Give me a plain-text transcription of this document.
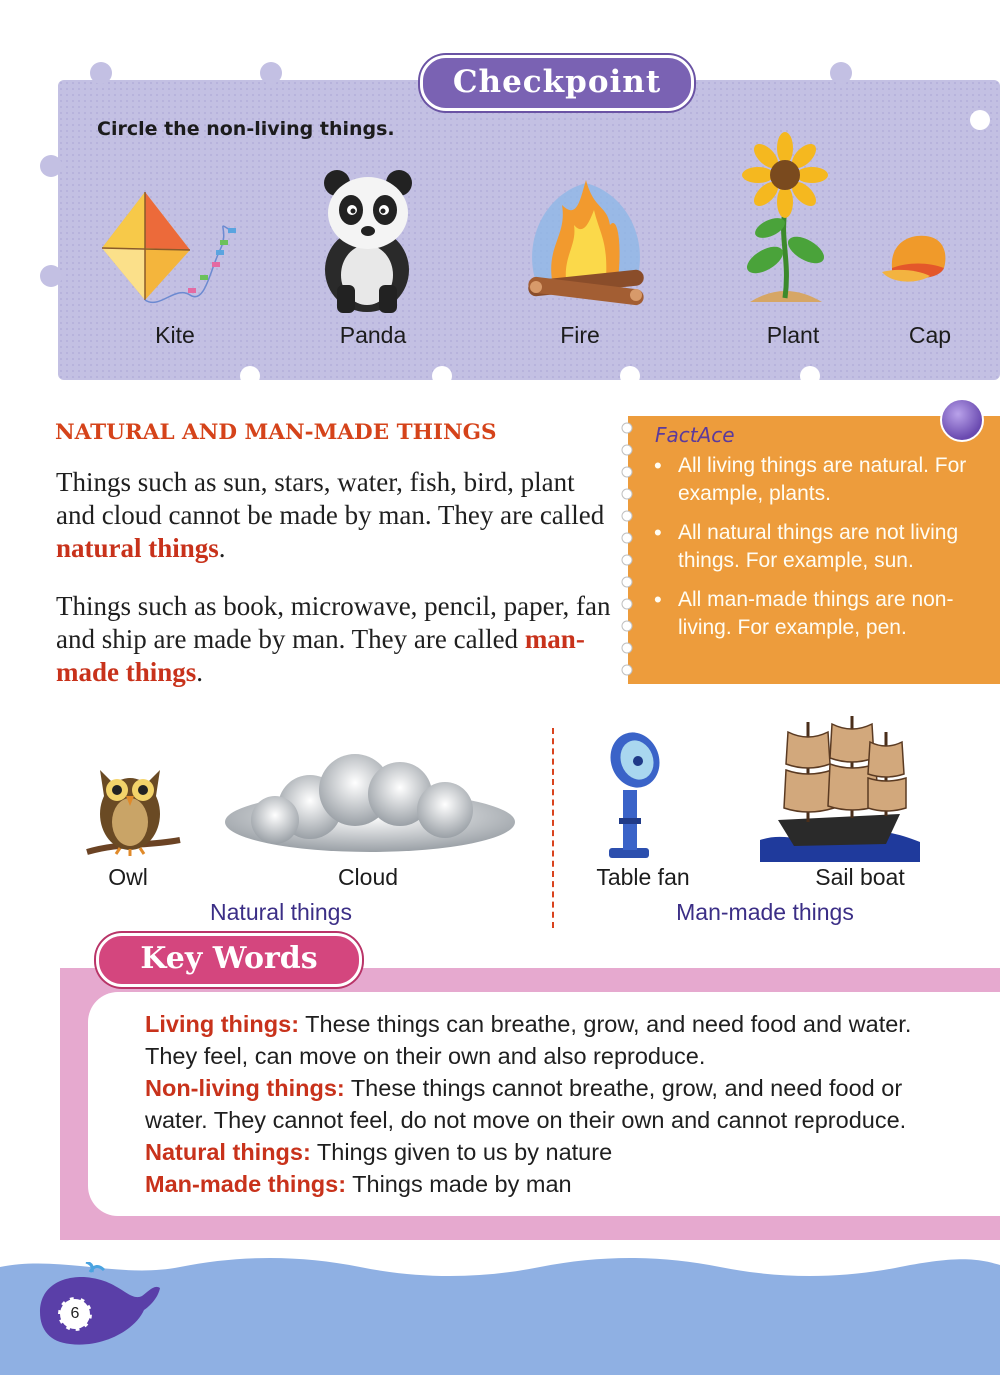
Checkpoint
Circle the non-living things.
Kite	Panda	Fire	Plant	Cap
NATURAL AND MAN-MADE THINGS
Things such as sun, stars, water, fish, bird, plant and cloud cannot be made by man. They are called natural things.
Things such as book, microwave, pencil, paper, fan and ship are made by man. They are called man-made things.
FactAce
• All living things are natural. For example, plants.
• All natural things are not living things. For example, sun.
• All man-made things are non-living. For example, pen.
Owl	Cloud
Natural things
Table fan	Sail boat
Man-made things
Key Words

Living things: These things can breathe, grow, and need food and water. They feel, can move on their own and also reproduce.

Non-living things: These things cannot breathe, grow, and need food or water. They cannot feel, do not move on their own and cannot reproduce.

Natural things: Things given to us by nature

Man-made things: Things made by man

6
